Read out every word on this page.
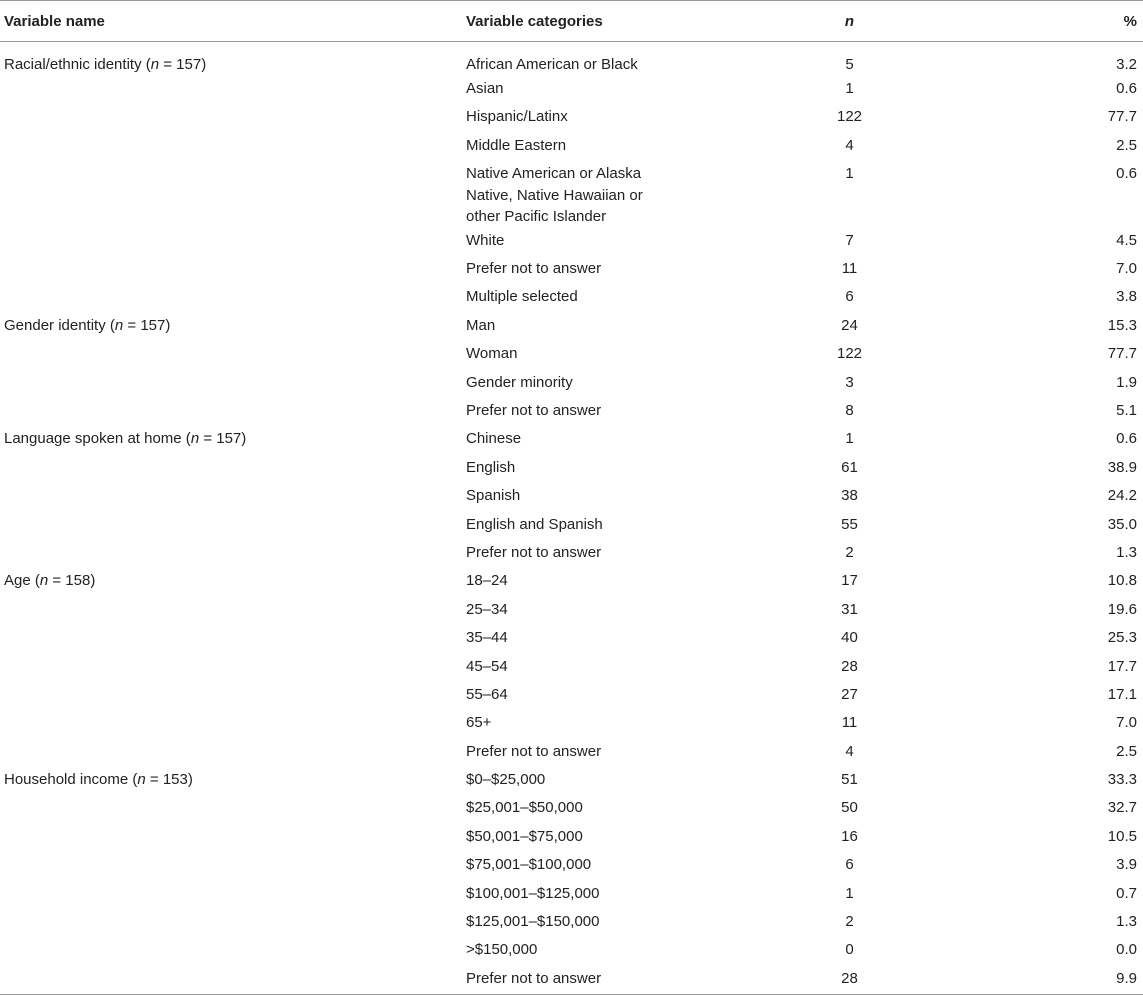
Variable name	Variable categories	n	%
Racial/ethnic identity (n = 157)	African American or Black	5	3.2
	Asian	1	0.6
	Hispanic/Latinx	122	77.7
	Middle Eastern	4	2.5
	Native American or Alaska Native, Native Hawaiian or other Pacific Islander	1	0.6
	White	7	4.5
	Prefer not to answer	11	7.0
	Multiple selected	6	3.8
Gender identity (n = 157)	Man	24	15.3
	Woman	122	77.7
	Gender minority	3	1.9
	Prefer not to answer	8	5.1
Language spoken at home (n = 157)	Chinese	1	0.6
	English	61	38.9
	Spanish	38	24.2
	English and Spanish	55	35.0
	Prefer not to answer	2	1.3
Age (n = 158)	18–24	17	10.8
	25–34	31	19.6
	35–44	40	25.3
	45–54	28	17.7
	55–64	27	17.1
	65+	11	7.0
	Prefer not to answer	4	2.5
Household income (n = 153)	$0–$25,000	51	33.3
	$25,001–$50,000	50	32.7
	$50,001–$75,000	16	10.5
	$75,001–$100,000	6	3.9
	$100,001–$125,000	1	0.7
	$125,001–$150,000	2	1.3
	>$150,000	0	0.0
	Prefer not to answer	28	9.9
